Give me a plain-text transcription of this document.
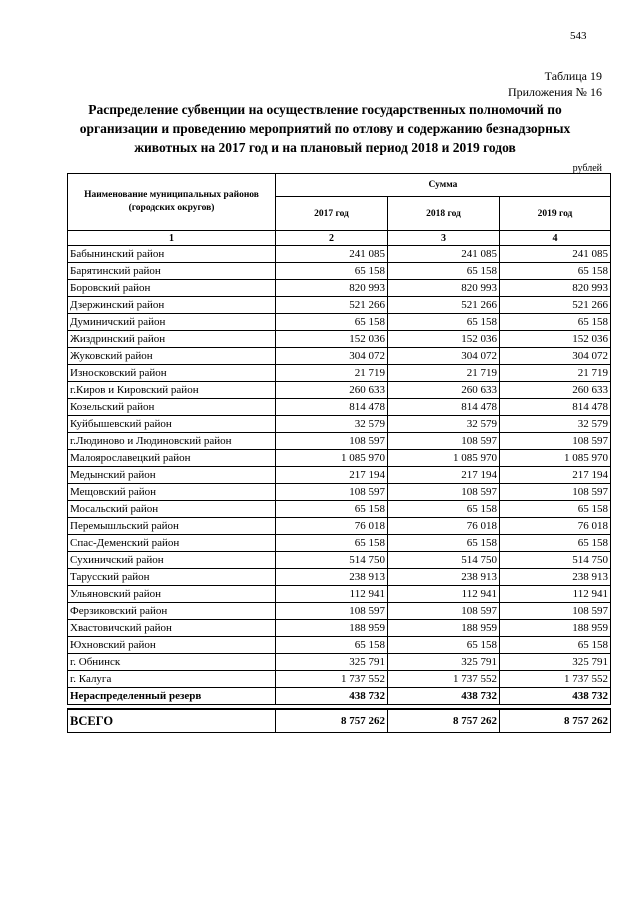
543
Таблица 19
Приложения № 16
Распределение субвенции на осуществление государственных полномочий по организации и проведению мероприятий по отлову и содержанию безнадзорных животных на 2017 год и на плановый период 2018 и 2019 годов
рублей
Наименование муниципальных районов (городских округов)	Сумма		
	2017 год	2018 год	2019 год
1	2	3	4
Бабынинский район	241 085	241 085	241 085
Барятинский район	65 158	65 158	65 158
Боровский район	820 993	820 993	820 993
Дзержинский район	521 266	521 266	521 266
Думиничский район	65 158	65 158	65 158
Жиздринский район	152 036	152 036	152 036
Жуковский район	304 072	304 072	304 072
Износковский район	21 719	21 719	21 719
г.Киров и Кировский район	260 633	260 633	260 633
Козельский район	814 478	814 478	814 478
Куйбышевский район	32 579	32 579	32 579
г.Людиново и Людиновский район	108 597	108 597	108 597
Малоярославецкий район	1 085 970	1 085 970	1 085 970
Медынский район	217 194	217 194	217 194
Мещовский район	108 597	108 597	108 597
Мосальский район	65 158	65 158	65 158
Перемышльский район	76 018	76 018	76 018
Спас-Деменский район	65 158	65 158	65 158
Сухиничский район	514 750	514 750	514 750
Тарусский район	238 913	238 913	238 913
Ульяновский район	112 941	112 941	112 941
Ферзиковский район	108 597	108 597	108 597
Хвастовичский район	188 959	188 959	188 959
Юхновский район	65 158	65 158	65 158
г. Обнинск	325 791	325 791	325 791
г. Калуга	1 737 552	1 737 552	1 737 552
Нераспределенный резерв	438 732	438 732	438 732

ВСЕГО	8 757 262	8 757 262	8 757 262
